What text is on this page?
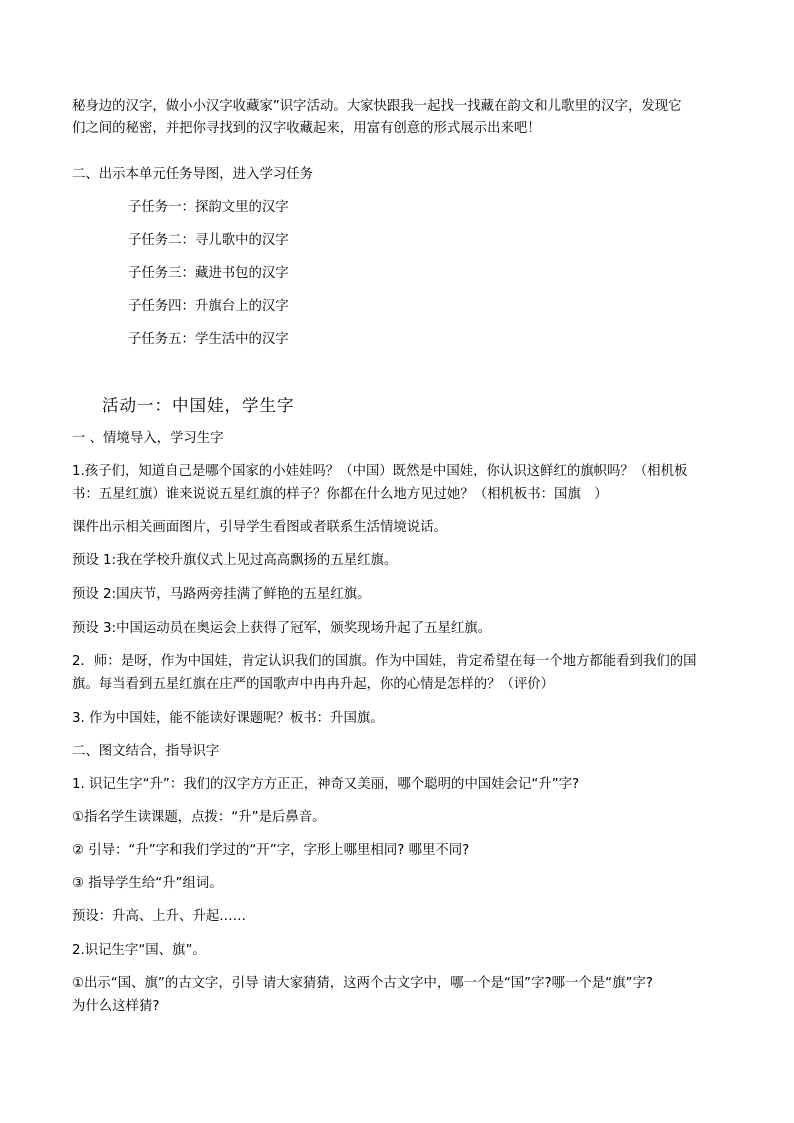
秘身边的汉字，做小小汉字收藏家”识字活动。大家快跟我一起找一找藏在韵文和儿歌里的汉字，发现它

们之间的秘密，并把你寻找到的汉字收藏起来，用富有创意的形式展示出来吧！

二、出示本单元任务导图，进入学习任务

子任务一：探韵文里的汉字

子任务二：寻儿歌中的汉字

子任务三：藏进书包的汉字

子任务四：升旗台上的汉字

子任务五：学生活中的汉字

活动一：中国娃，学生字

一 、情境导入，学习生字

1.孩子们，知道自己是哪个国家的小娃娃吗？（中国）既然是中国娃，你认识这鲜红的旗帜吗？（相机板

书：五星红旗）谁来说说五星红旗的样子？你都在什么地方见过她？（相机板书：国旗　）

课件出示相关画面图片，引导学生看图或者联系生活情境说话。

预设 1:我在学校升旗仪式上见过高高飘扬的五星红旗。

预设 2:国庆节，马路两旁挂满了鲜艳的五星红旗。

预设 3:中国运动员在奥运会上获得了冠军，颁奖现场升起了五星红旗。

2．师：是呀，作为中国娃，肯定认识我们的国旗。作为中国娃，肯定希望在每一个地方都能看到我们的国

旗。每当看到五星红旗在庄严的国歌声中冉冉升起，你的心情是怎样的？（评价）

3. 作为中国娃，能不能读好课题呢？板书：升国旗。

二、图文结合，指导识字

1. 识记生字“升”：我们的汉字方方正正，神奇又美丽，哪个聪明的中国娃会记“升”字?

①指名学生读课题，点拨：“升”是后鼻音。

② 引导：“升”字和我们学过的“开”字，字形上哪里相同? 哪里不同?

③ 指导学生给“升”组词。

预设：升高、上升、升起……

2.识记生字“国、旗”。

①出示“国、旗”的古文字，引导 请大家猜猜，这两个古文字中，哪一个是“国”字?哪一个是“旗”字?

为什么这样猜?
